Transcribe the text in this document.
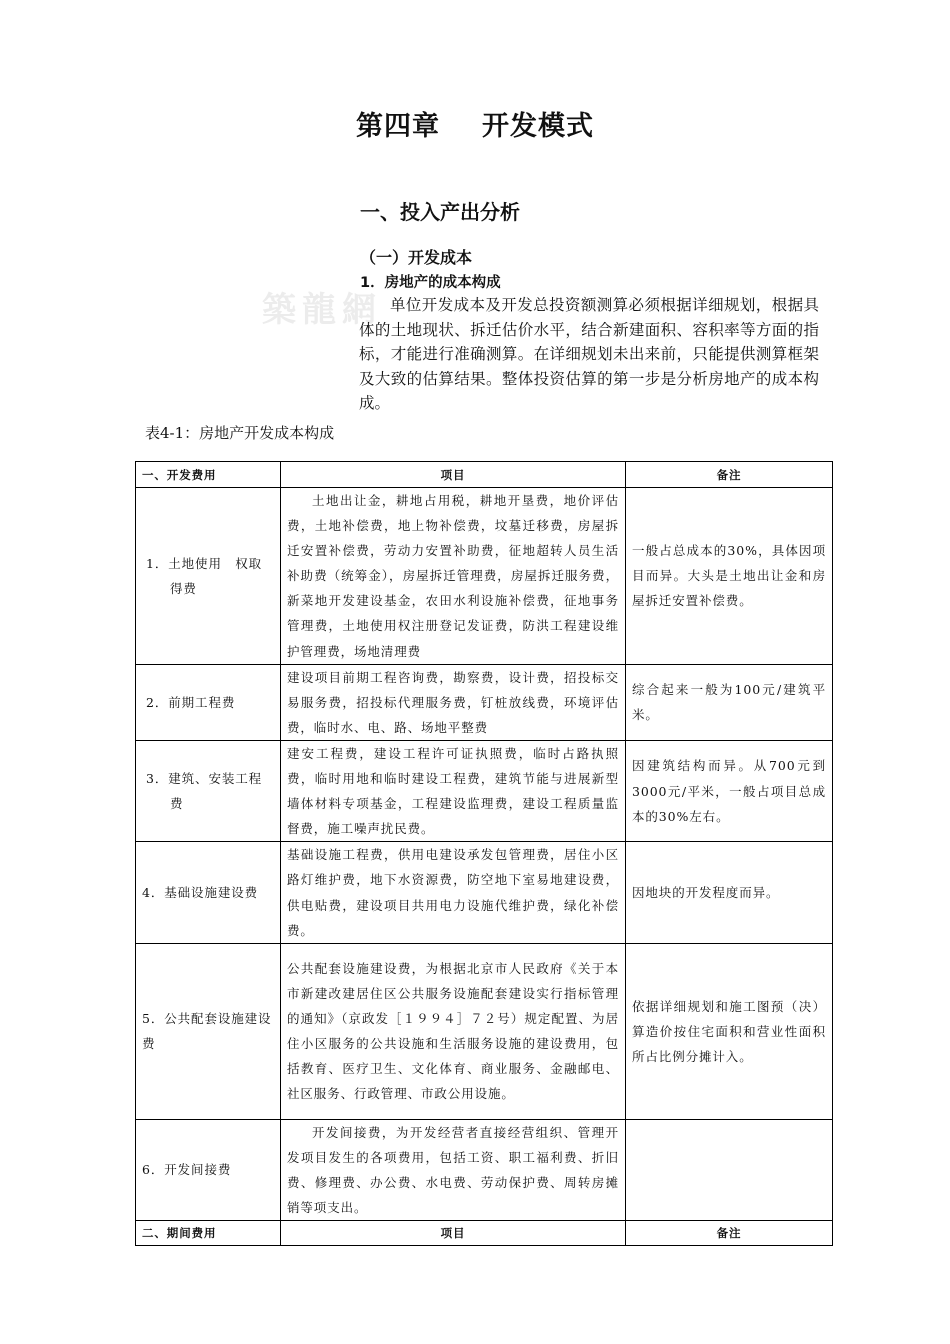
築龍網
第四章 开发模式
一、投入产出分析
（一）开发成本
1．房地产的成本构成
单位开发成本及开发总投资额测算必须根据详细规划，根据具体的土地现状、拆迁估价水平，结合新建面积、容积率等方面的指标，才能进行准确测算。在详细规划未出来前，只能提供测算框架及大致的估算结果。整体投资估算的第一步是分析房地产的成本构成。
表4-1：房地产开发成本构成
一、开发费用	项目	备注
1．土地使用　权取得费	土地出让金，耕地占用税，耕地开垦费，地价评估费，土地补偿费，地上物补偿费，坟墓迁移费，房屋拆迁安置补偿费，劳动力安置补助费，征地超转人员生活补助费（统筹金），房屋拆迁管理费，房屋拆迁服务费，新菜地开发建设基金，农田水利设施补偿费，征地事务管理费，土地使用权注册登记发证费，防洪工程建设维护管理费，场地清理费	一般占总成本的30%，具体因项目而异。大头是土地出让金和房屋拆迁安置补偿费。
2．前期工程费	建设项目前期工程咨询费，勘察费，设计费，招投标交易服务费，招投标代理服务费，钉桩放线费，环境评估费，临时水、电、路、场地平整费	综合起来一般为100元/建筑平米。
3．建筑、安装工程费	建安工程费，建设工程许可证执照费，临时占路执照费，临时用地和临时建设工程费，建筑节能与进展新型墙体材料专项基金，工程建设监理费，建设工程质量监督费，施工噪声扰民费。	因建筑结构而异。从700元到3000元/平米，一般占项目总成本的30%左右。
4．基础设施建设费	基础设施工程费，供用电建设承发包管理费，居住小区路灯维护费，地下水资源费，防空地下室易地建设费，供电贴费，建设项目共用电力设施代维护费，绿化补偿费。	因地块的开发程度而异。
5．公共配套设施建设费	公共配套设施建设费，为根据北京市人民政府《关于本市新建改建居住区公共服务设施配套建设实行指标管理的通知》（京政发［１９９４］７２号）规定配置、为居住小区服务的公共设施和生活服务设施的建设费用，包括教育、医疗卫生、文化体育、商业服务、金融邮电、社区服务、行政管理、市政公用设施。	依据详细规划和施工图预（决）算造价按住宅面积和营业性面积所占比例分摊计入。
6．开发间接费	开发间接费，为开发经营者直接经营组织、管理开发项目发生的各项费用，包括工资、职工福利费、折旧费、修理费、办公费、水电费、劳动保护费、周转房摊销等项支出。	
二、期间费用	项目	备注
